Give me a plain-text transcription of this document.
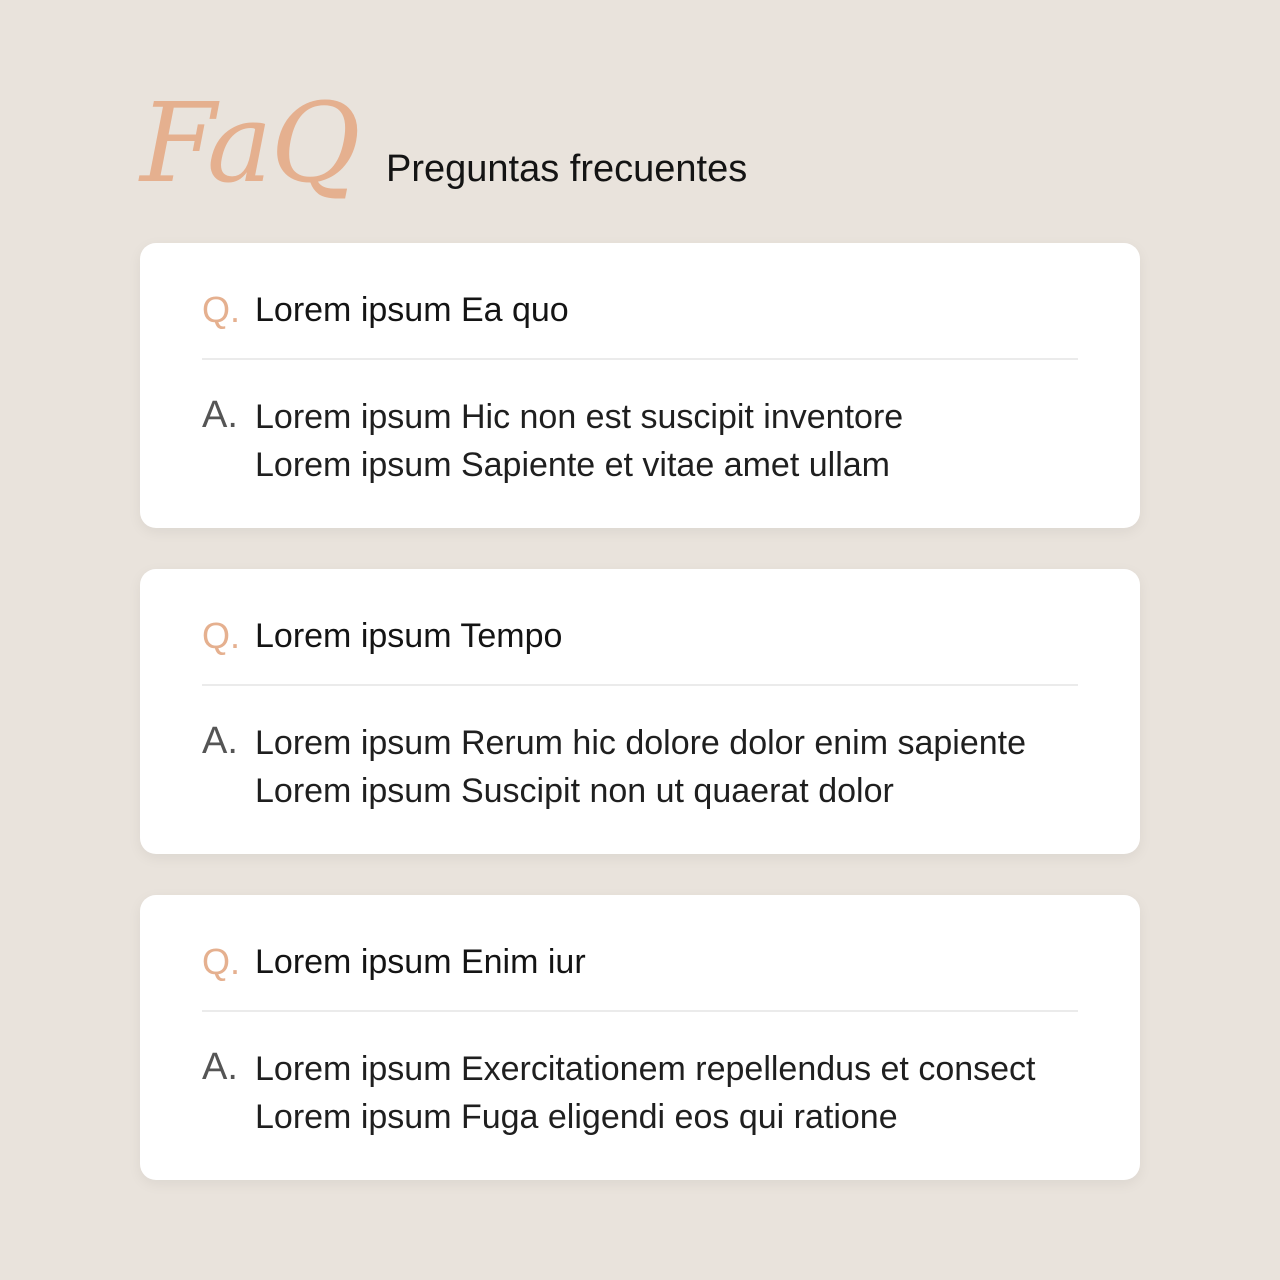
FaQ Preguntas frecuentes
Q. Lorem ipsum Ea quo
A. Lorem ipsum Hic non est suscipit inventore
Lorem ipsum Sapiente et vitae amet ullam
Q. Lorem ipsum Tempo
A. Lorem ipsum Rerum hic dolore dolor enim sapiente
Lorem ipsum Suscipit non ut quaerat dolor
Q. Lorem ipsum Enim iur
A. Lorem ipsum Exercitationem repellendus et consect
Lorem ipsum Fuga eligendi eos qui ratione
